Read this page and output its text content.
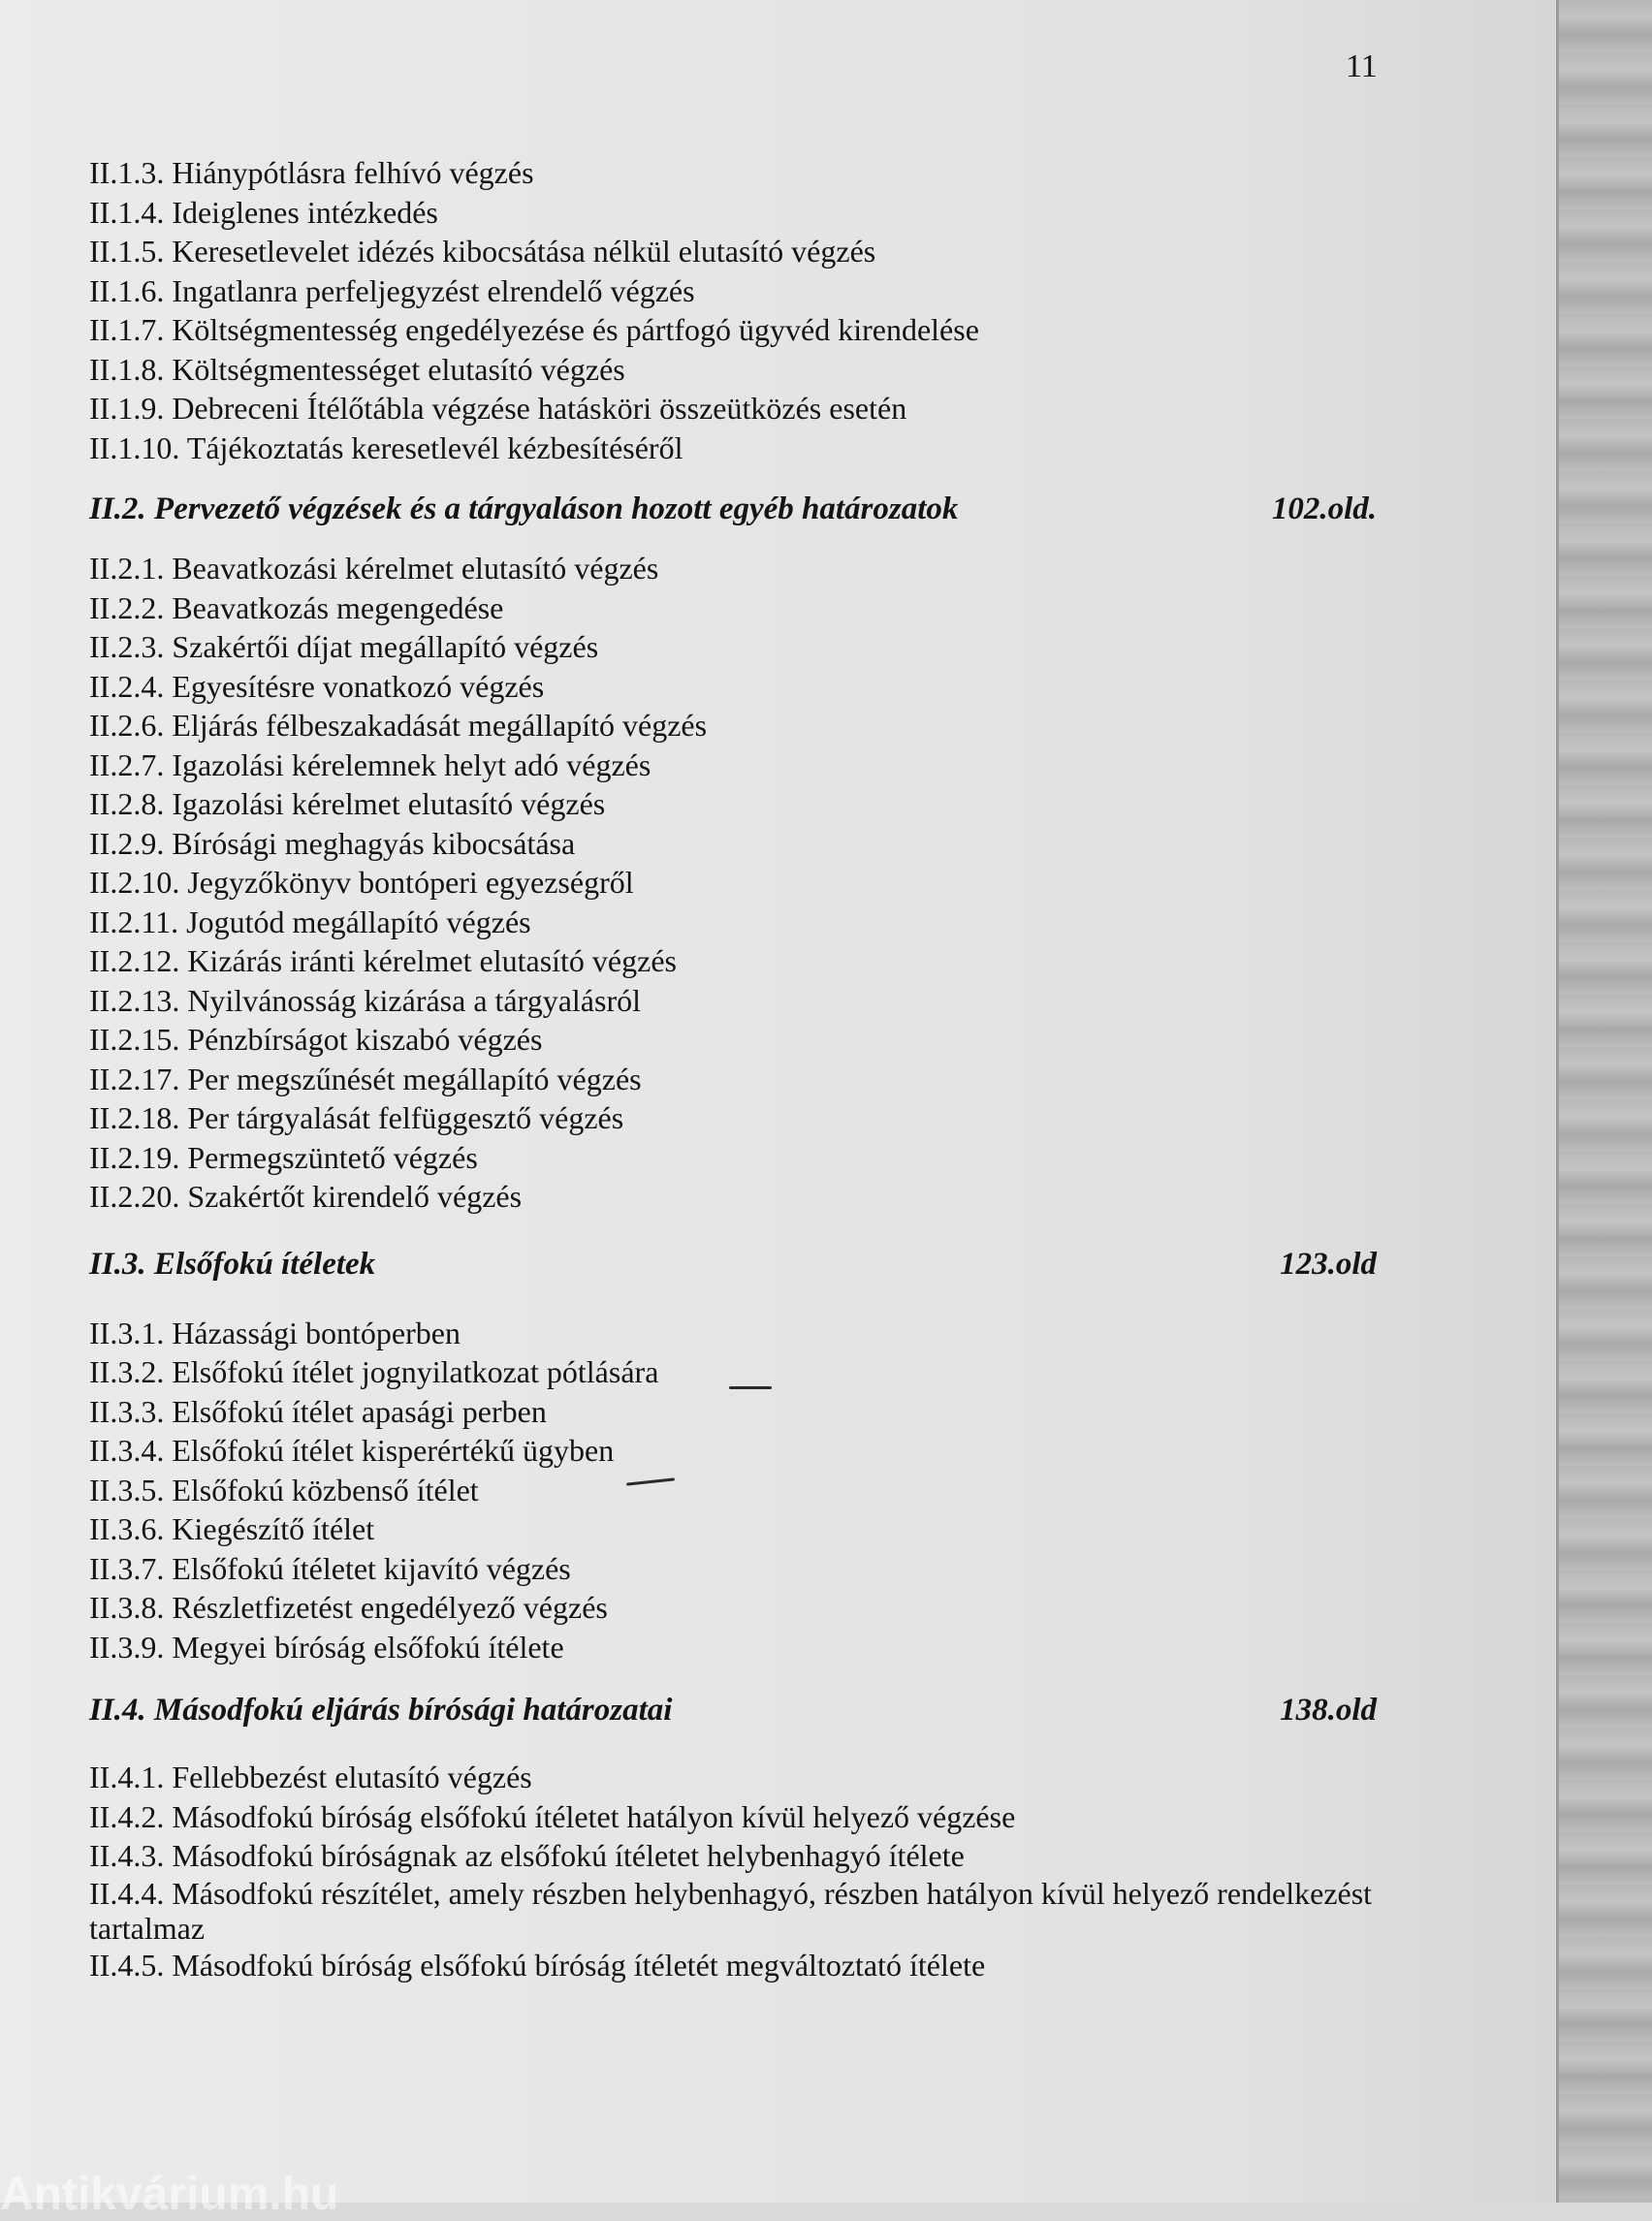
11
II.1.3. Hiánypótlásra felhívó végzés
II.1.4. Ideiglenes intézkedés
II.1.5. Keresetlevelet idézés kibocsátása nélkül elutasító végzés
II.1.6. Ingatlanra perfeljegyzést elrendelő végzés
II.1.7. Költségmentesség engedélyezése és pártfogó ügyvéd kirendelése
II.1.8. Költségmentességet elutasító végzés
II.1.9. Debreceni Ítélőtábla végzése hatásköri összeütközés esetén
II.1.10. Tájékoztatás keresetlevél kézbesítéséről
II.2. Pervezető végzések és a tárgyaláson hozott egyéb határozatok	102.old.
II.2.1. Beavatkozási kérelmet elutasító végzés
II.2.2. Beavatkozás megengedése
II.2.3. Szakértői díjat megállapító végzés
II.2.4. Egyesítésre vonatkozó végzés
II.2.6. Eljárás félbeszakadását megállapító végzés
II.2.7. Igazolási kérelemnek helyt adó végzés
II.2.8. Igazolási kérelmet elutasító végzés
II.2.9. Bírósági meghagyás kibocsátása
II.2.10. Jegyzőkönyv bontóperi egyezségről
II.2.11. Jogutód megállapító végzés
II.2.12. Kizárás iránti kérelmet elutasító végzés
II.2.13. Nyilvánosság kizárása a tárgyalásról
II.2.15. Pénzbírságot kiszabó végzés
II.2.17. Per megszűnését megállapító végzés
II.2.18. Per tárgyalását felfüggesztő végzés
II.2.19. Permegszüntető végzés
II.2.20. Szakértőt kirendelő végzés
II.3. Elsőfokú ítéletek	123.old
II.3.1. Házassági bontóperben
II.3.2. Elsőfokú ítélet jognyilatkozat pótlására
II.3.3. Elsőfokú ítélet apasági perben
II.3.4. Elsőfokú ítélet kisperértékű ügyben
II.3.5. Elsőfokú közbenső ítélet
II.3.6. Kiegészítő ítélet
II.3.7. Elsőfokú ítéletet kijavító végzés
II.3.8. Részletfizetést engedélyező végzés
II.3.9. Megyei bíróság elsőfokú ítélete
II.4. Másodfokú eljárás bírósági határozatai	138.old
II.4.1. Fellebbezést elutasító végzés
II.4.2. Másodfokú bíróság elsőfokú ítéletet hatályon kívül helyező végzése
II.4.3. Másodfokú bíróságnak az elsőfokú ítéletet helybenhagyó ítélete
II.4.4. Másodfokú részítélet, amely részben helybenhagyó, részben hatályon kívül helyező rendelkezést tartalmaz
II.4.5. Másodfokú bíróság elsőfokú bíróság ítéletét megváltoztató ítélete
Antikvárium.hu
